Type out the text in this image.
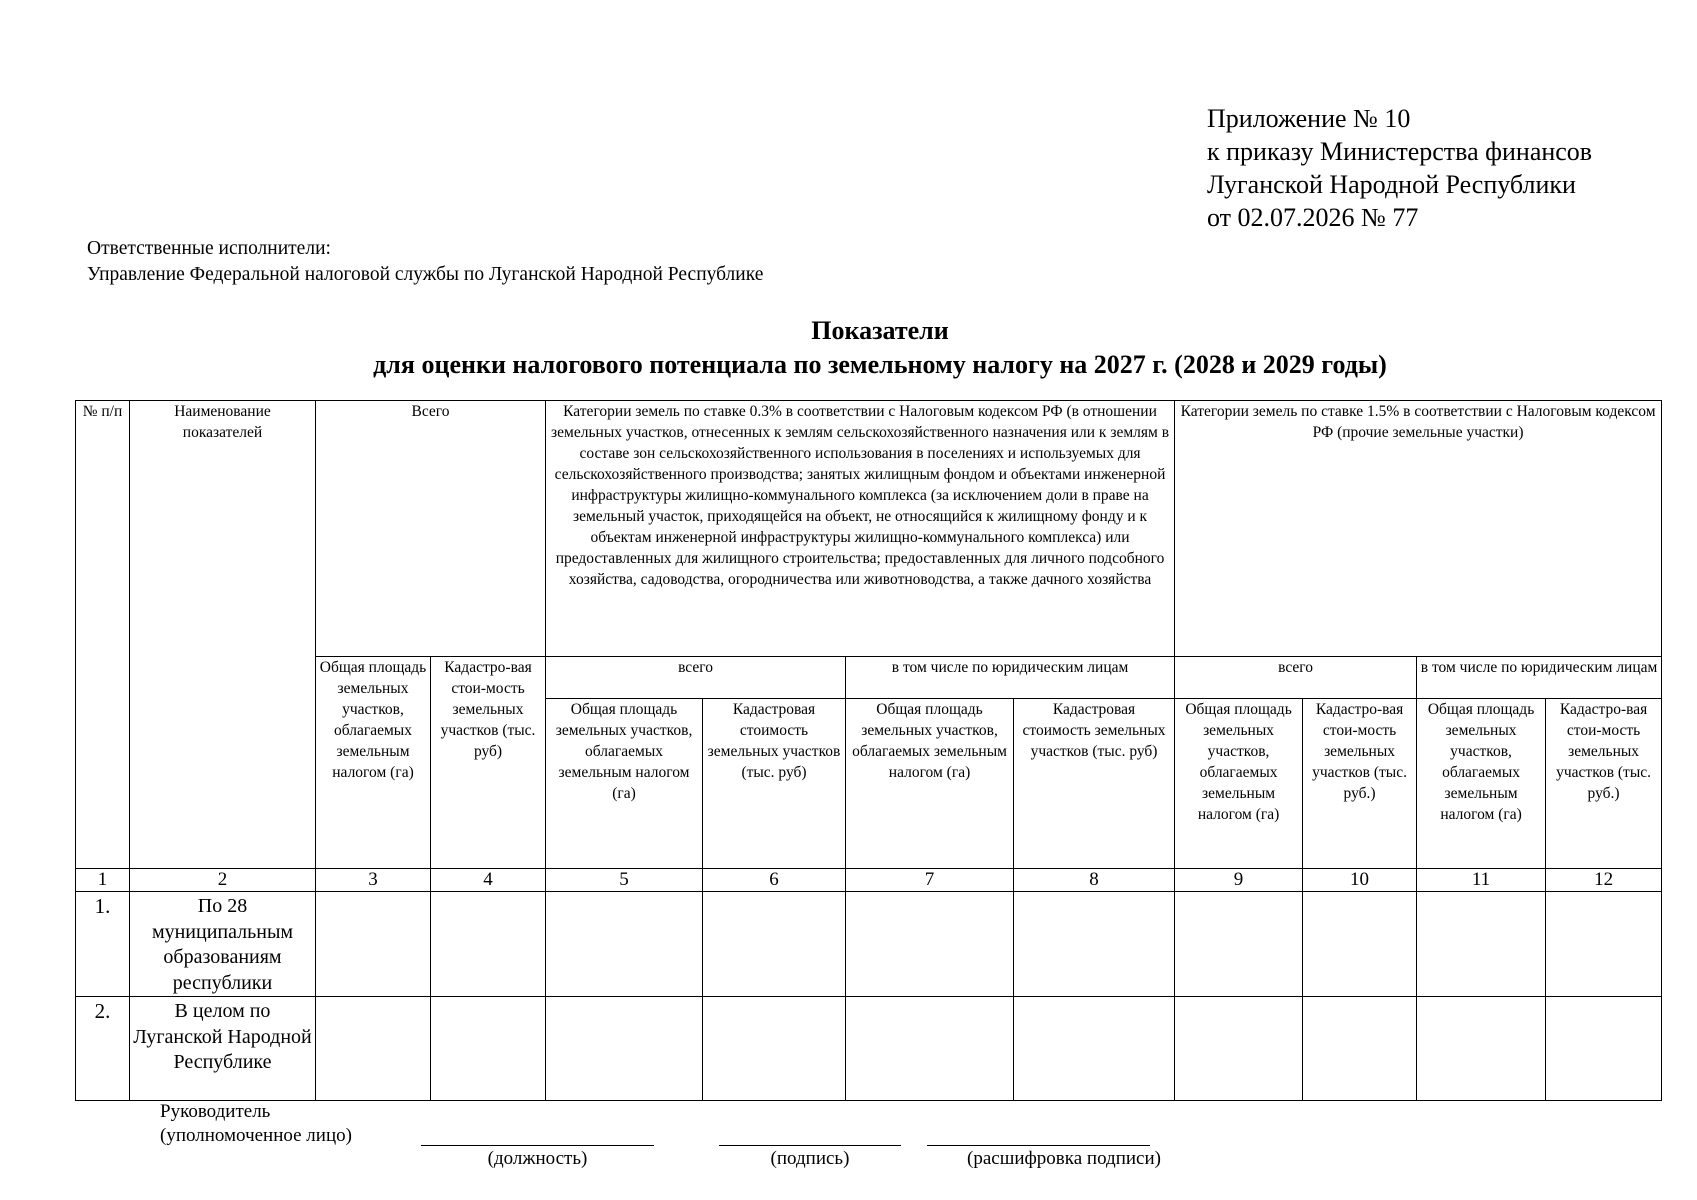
Приложение № 10
к приказу Министерства финансов
Луганской Народной Республики
от 02.07.2026 № 77
Ответственные исполнители:
Управление Федеральной налоговой службы по Луганской Народной Республике
Показатели
для оценки налогового потенциала по земельному налогу на 2027 г. (2028 и 2029 годы)
№ п/п	Наименование показателей	Всего		Категории земель по ставке 0.3% в соответствии с Налоговым кодексом РФ (в отношении земельных участков, отнесенных к землям сельскохозяйственного назначения или к землям в составе зон сельскохозяйственного использования в поселениях и используемых для сельскохозяйственного производства; занятых жилищным фондом и объектами инженерной инфраструктуры жилищно-коммунального комплекса (за исключением доли в праве на земельный участок, приходящейся на объект, не относящийся к жилищному фонду и к объектам инженерной инфраструктуры жилищно-коммунального комплекса) или предоставленных для жилищного строительства; предоставленных для личного подсобного хозяйства, садоводства, огородничества или животноводства, а также дачного хозяйства				Категории земель по ставке 1.5% в соответствии с Налоговым кодексом РФ (прочие земельные участки)			
		Общая площадь земельных участков, облагаемых земельным налогом (га)	Кадастро-вая стои-мость земельных участков (тыс. руб)	всего		в том числе по юридическим лицам		всего		в том числе по юридическим лицам	
				Общая площадь земельных участков, облагаемых земельным налогом (га)	Кадастровая стоимость земельных участков (тыс. руб)	Общая площадь земельных участков, облагаемых земельным налогом (га)	Кадастровая стоимость земельных участков (тыс. руб)	Общая площадь земельных участков, облагаемых земельным налогом (га)	Кадастро-вая стои-мость земельных участков (тыс. руб.)	Общая площадь земельных участков, облагаемых земельным налогом (га)	Кадастро-вая стои-мость земельных участков (тыс. руб.)
1	2	3	4	5	6	7	8	9	10	11	12
1.	По 28 муниципальным образованиям республики										
2.	В целом по Луганской Народной Республике										
Руководитель
(уполномоченное лицо)
(должность)	(подпись)	(расшифровка подписи)
